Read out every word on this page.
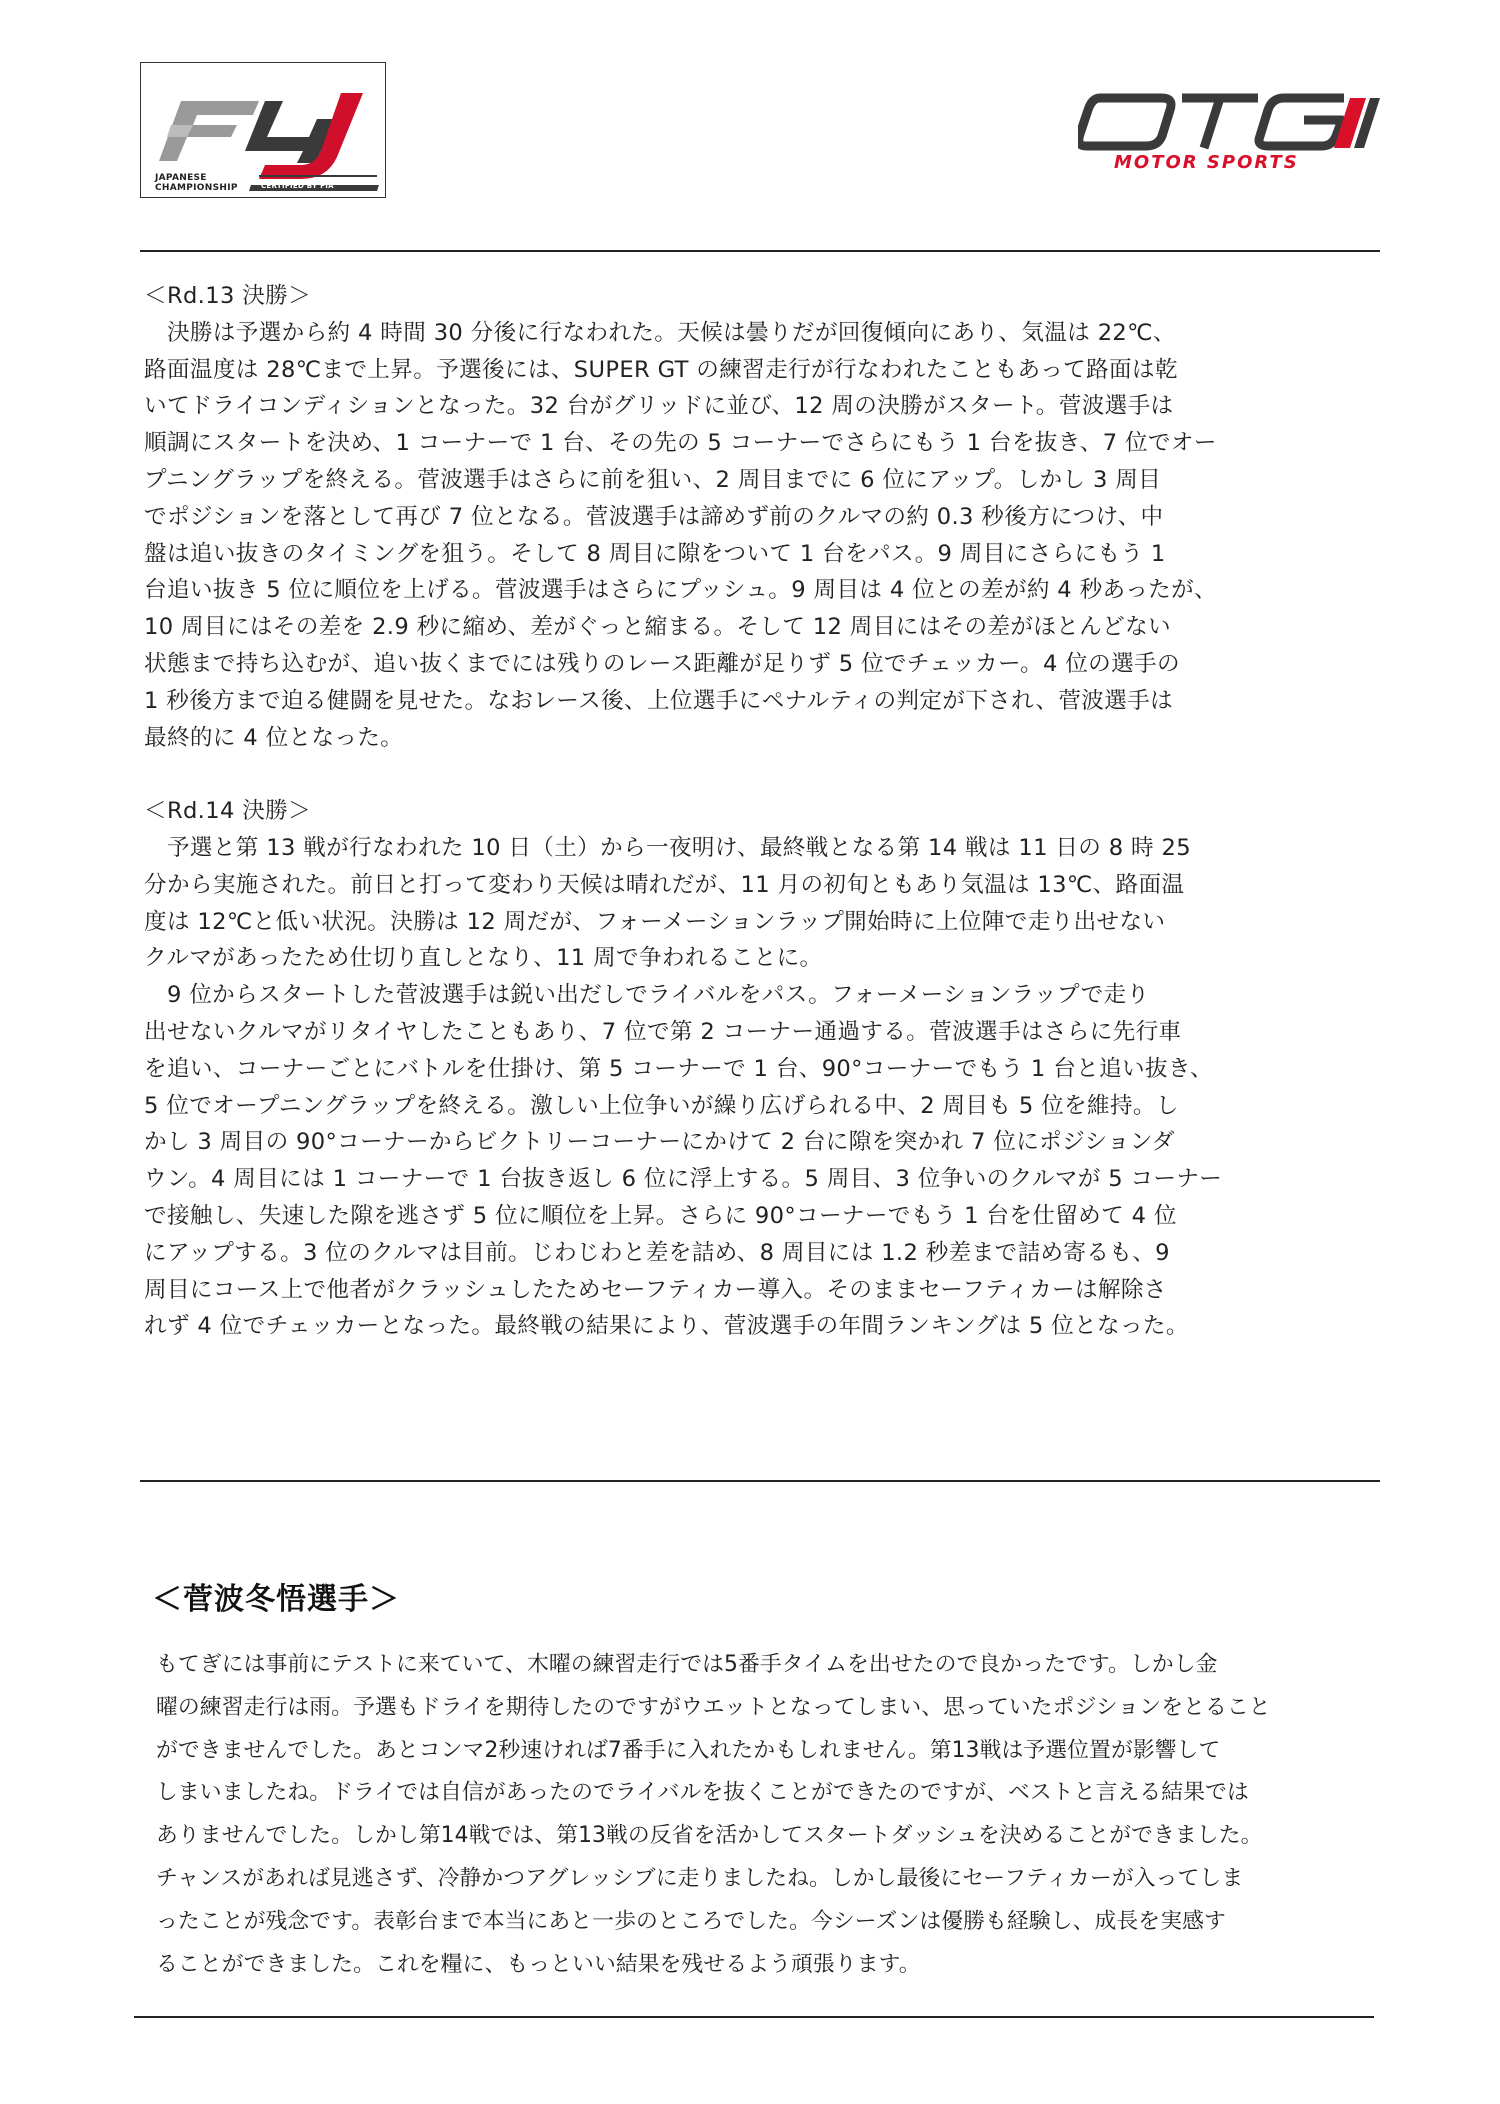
JAPANESE
CHAMPIONSHIP	CERTIFIED BY FIA
MOTOR SPORTS
＜Rd.13 決勝＞
　決勝は予選から約 4 時間 30 分後に行なわれた。天候は曇りだが回復傾向にあり、気温は 22℃、
路面温度は 28℃まで上昇。予選後には、SUPER GT の練習走行が行なわれたこともあって路面は乾
いてドライコンディションとなった。32 台がグリッドに並び、12 周の決勝がスタート。菅波選手は
順調にスタートを決め、1 コーナーで 1 台、その先の 5 コーナーでさらにもう 1 台を抜き、7 位でオー
プニングラップを終える。菅波選手はさらに前を狙い、2 周目までに 6 位にアップ。しかし 3 周目
でポジションを落として再び 7 位となる。菅波選手は諦めず前のクルマの約 0.3 秒後方につけ、中
盤は追い抜きのタイミングを狙う。そして 8 周目に隙をついて 1 台をパス。9 周目にさらにもう 1
台追い抜き 5 位に順位を上げる。菅波選手はさらにプッシュ。9 周目は 4 位との差が約 4 秒あったが、
10 周目にはその差を 2.9 秒に縮め、差がぐっと縮まる。そして 12 周目にはその差がほとんどない
状態まで持ち込むが、追い抜くまでには残りのレース距離が足りず 5 位でチェッカー。4 位の選手の
1 秒後方まで迫る健闘を見せた。なおレース後、上位選手にペナルティの判定が下され、菅波選手は
最終的に 4 位となった。
＜Rd.14 決勝＞
　予選と第 13 戦が行なわれた 10 日（土）から一夜明け、最終戦となる第 14 戦は 11 日の 8 時 25
分から実施された。前日と打って変わり天候は晴れだが、11 月の初旬ともあり気温は 13℃、路面温
度は 12℃と低い状況。決勝は 12 周だが、フォーメーションラップ開始時に上位陣で走り出せない
クルマがあったため仕切り直しとなり、11 周で争われることに。
　9 位からスタートした菅波選手は鋭い出だしでライバルをパス。フォーメーションラップで走り
出せないクルマがリタイヤしたこともあり、7 位で第 2 コーナー通過する。菅波選手はさらに先行車
を追い、コーナーごとにバトルを仕掛け、第 5 コーナーで 1 台、90°コーナーでもう 1 台と追い抜き、
5 位でオープニングラップを終える。激しい上位争いが繰り広げられる中、2 周目も 5 位を維持。し
かし 3 周目の 90°コーナーからビクトリーコーナーにかけて 2 台に隙を突かれ 7 位にポジションダ
ウン。4 周目には 1 コーナーで 1 台抜き返し 6 位に浮上する。5 周目、3 位争いのクルマが 5 コーナー
で接触し、失速した隙を逃さず 5 位に順位を上昇。さらに 90°コーナーでもう 1 台を仕留めて 4 位
にアップする。3 位のクルマは目前。じわじわと差を詰め、8 周目には 1.2 秒差まで詰め寄るも、9
周目にコース上で他者がクラッシュしたためセーフティカー導入。そのままセーフティカーは解除さ
れず 4 位でチェッカーとなった。最終戦の結果により、菅波選手の年間ランキングは 5 位となった。
＜菅波冬悟選手＞
もてぎには事前にテストに来ていて、木曜の練習走行では5番手タイムを出せたので良かったです。しかし金
曜の練習走行は雨。予選もドライを期待したのですがウエットとなってしまい、思っていたポジションをとること
ができませんでした。あとコンマ2秒速ければ7番手に入れたかもしれません。第13戦は予選位置が影響して
しまいましたね。ドライでは自信があったのでライバルを抜くことができたのですが、ベストと言える結果では
ありませんでした。しかし第14戦では、第13戦の反省を活かしてスタートダッシュを決めることができました。
チャンスがあれば見逃さず、冷静かつアグレッシブに走りましたね。しかし最後にセーフティカーが入ってしま
ったことが残念です。表彰台まで本当にあと一歩のところでした。今シーズンは優勝も経験し、成長を実感す
ることができました。これを糧に、もっといい結果を残せるよう頑張ります。
